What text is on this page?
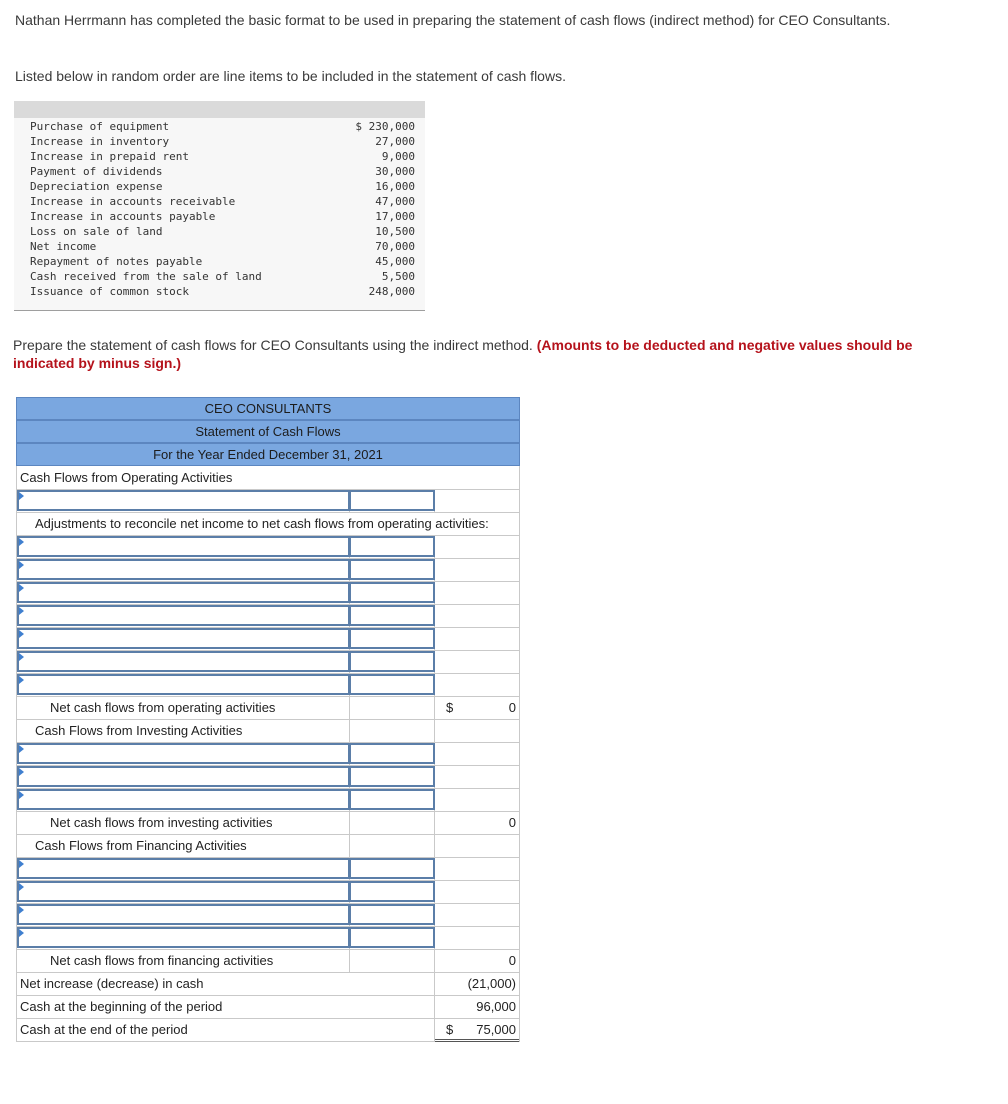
Nathan Herrmann has completed the basic format to be used in preparing the statement of cash flows (indirect method) for CEO Consultants.
Listed below in random order are line items to be included in the statement of cash flows.
Purchase of equipment	$ 230,000
Increase in inventory	27,000
Increase in prepaid rent	9,000
Payment of dividends	30,000
Depreciation expense	16,000
Increase in accounts receivable	47,000
Increase in accounts payable	17,000
Loss on sale of land	10,500
Net income	70,000
Repayment of notes payable	45,000
Cash received from the sale of land	5,500
Issuance of common stock	248,000
Prepare the statement of cash flows for CEO Consultants using the indirect method. (Amounts to be deducted and negative values should be indicated by minus sign.)
CEO CONSULTANTS
Statement of Cash Flows
For the Year Ended December 31, 2021
Cash Flows from Operating Activities
Adjustments to reconcile net income to net cash flows from operating activities:
Net cash flows from operating activities	$	0
Cash Flows from Investing Activities
Net cash flows from investing activities	0
Cash Flows from Financing Activities
Net cash flows from financing activities	0
Net increase (decrease) in cash	(21,000)
Cash at the beginning of the period	96,000
Cash at the end of the period	$	75,000
